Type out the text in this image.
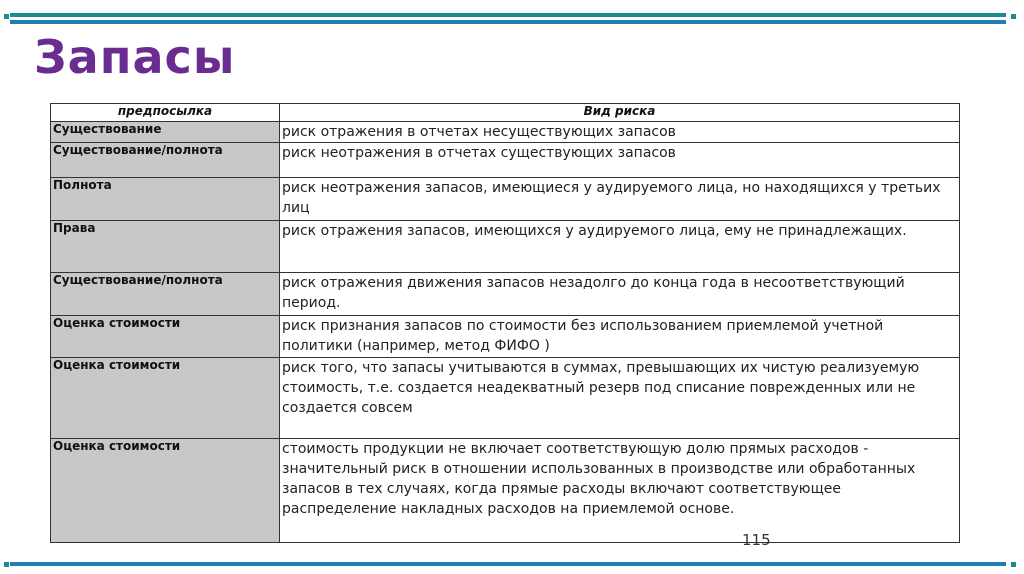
Запасы
предпосылка	Вид риска
Существование	риск отражения в отчетах несуществующих запасов
Существование/полнота	риск неотражения в отчетах существующих запасов
Полнота	риск неотражения запасов, имеющиеся у аудируемого лица, но находящихся у третьих лиц
Права	риск отражения запасов, имеющихся у аудируемого лица, ему не принадлежащих.
Существование/полнота	риск отражения движения запасов незадолго до конца года в несоответствующий период.
Оценка стоимости	риск признания запасов по стоимости без использованием приемлемой учетной политики (например, метод ФИФО )
Оценка стоимости	риск того, что запасы учитываются в суммах, превышающих их чистую реализуемую стоимость, т.е. создается неадекватный резерв под списание поврежденных или не создается совсем
Оценка стоимости	стоимость продукции не включает соответствующую долю прямых расходов - значительный риск в отношении использованных в производстве или обработанных запасов в тех случаях, когда прямые расходы включают соответствующее распределение накладных расходов на приемлемой основе.
115
